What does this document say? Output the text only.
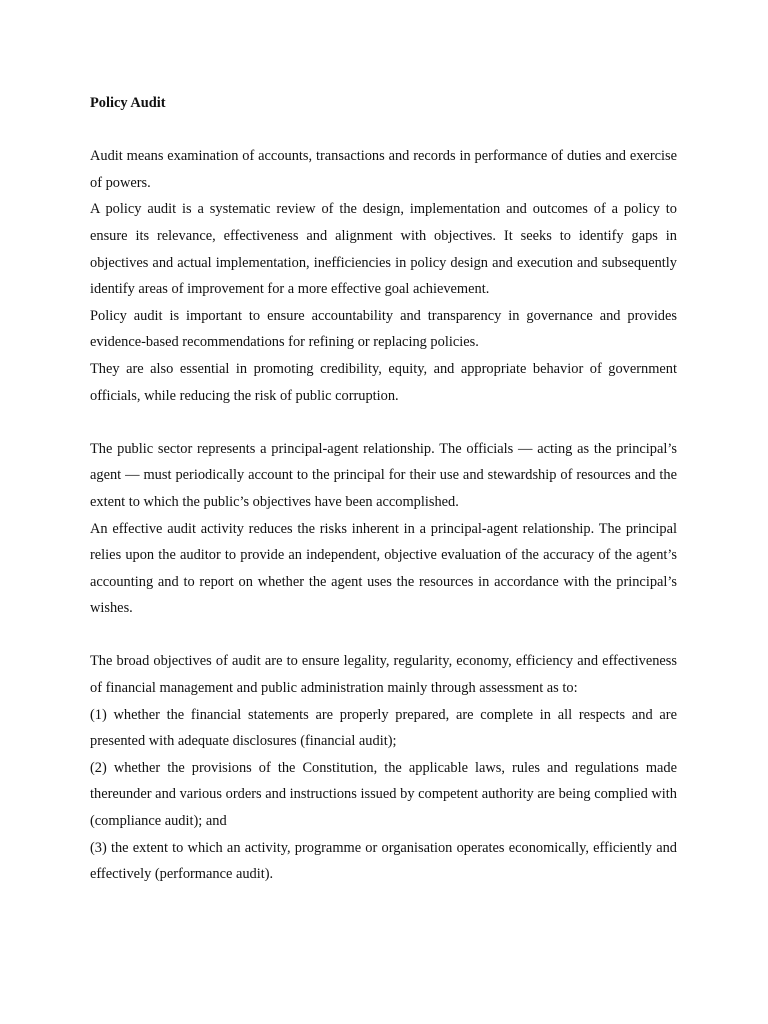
Policy Audit

Audit means examination of accounts, transactions and records in performance of duties and exercise of powers.

A policy audit is a systematic review of the design, implementation and outcomes of a policy to ensure its relevance, effectiveness and alignment with objectives. It seeks to identify gaps in objectives and actual implementation, inefficiencies in policy design and execution and subsequently identify areas of improvement for a more effective goal achievement.

Policy audit is important to ensure accountability and transparency in governance and provides evidence-based recommendations for refining or replacing policies.

They are also essential in promoting credibility, equity, and appropriate behavior of government officials, while reducing the risk of public corruption.

The public sector represents a principal-agent relationship. The officials — acting as the principal’s agent — must periodically account to the principal for their use and stewardship of resources and the extent to which the public’s objectives have been accomplished.

An effective audit activity reduces the risks inherent in a principal-agent relationship. The principal relies upon the auditor to provide an independent, objective evaluation of the accuracy of the agent’s accounting and to report on whether the agent uses the resources in accordance with the principal’s wishes.

The broad objectives of audit are to ensure legality, regularity, economy, efficiency and effectiveness of financial management and public administration mainly through assessment as to:

(1) whether the financial statements are properly prepared, are complete in all respects and are presented with adequate disclosures (financial audit);

(2) whether the provisions of the Constitution, the applicable laws, rules and regulations made thereunder and various orders and instructions issued by competent authority are being complied with (compliance audit); and

(3) the extent to which an activity, programme or organisation operates economically, efficiently and effectively (performance audit).
